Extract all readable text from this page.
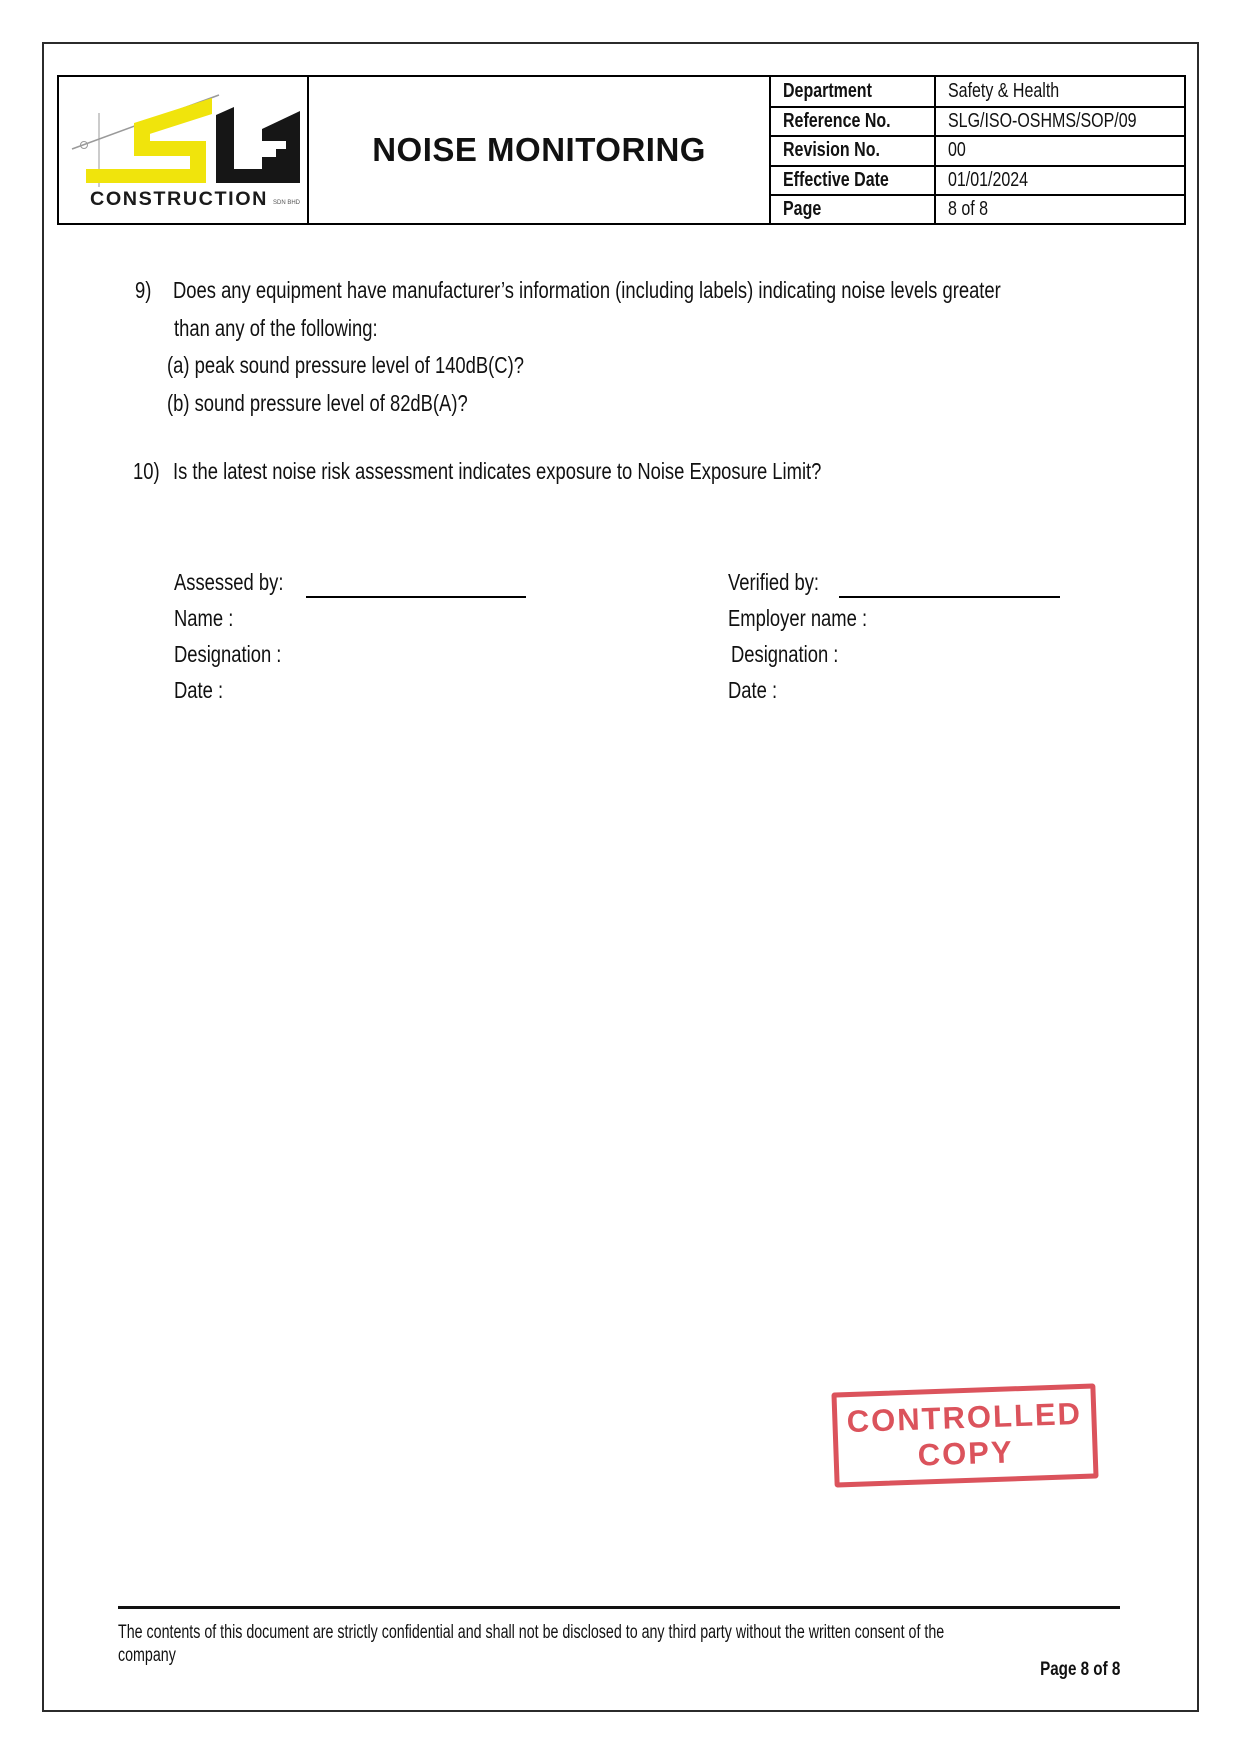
CONSTRUCTION SDN BHD
NOISE MONITORING
Department	Safety & Health
Reference No.	SLG/ISO-OSHMS/SOP/09
Revision No.	00
Effective Date	01/01/2024
Page	8 of 8
9) Does any equipment have manufacturer’s information (including labels) indicating noise levels greater
than any of the following:
(a) peak sound pressure level of 140dB(C)?
(b) sound pressure level of 82dB(A)?
10) Is the latest noise risk assessment indicates exposure to Noise Exposure Limit?
Assessed by:
Name :
Designation :
Date :
Verified by:
Employer name :
Designation :
Date :
CONTROLLED
COPY
The contents of this document are strictly confidential and shall not be disclosed to any third party without the written consent of the
company
Page 8 of 8
